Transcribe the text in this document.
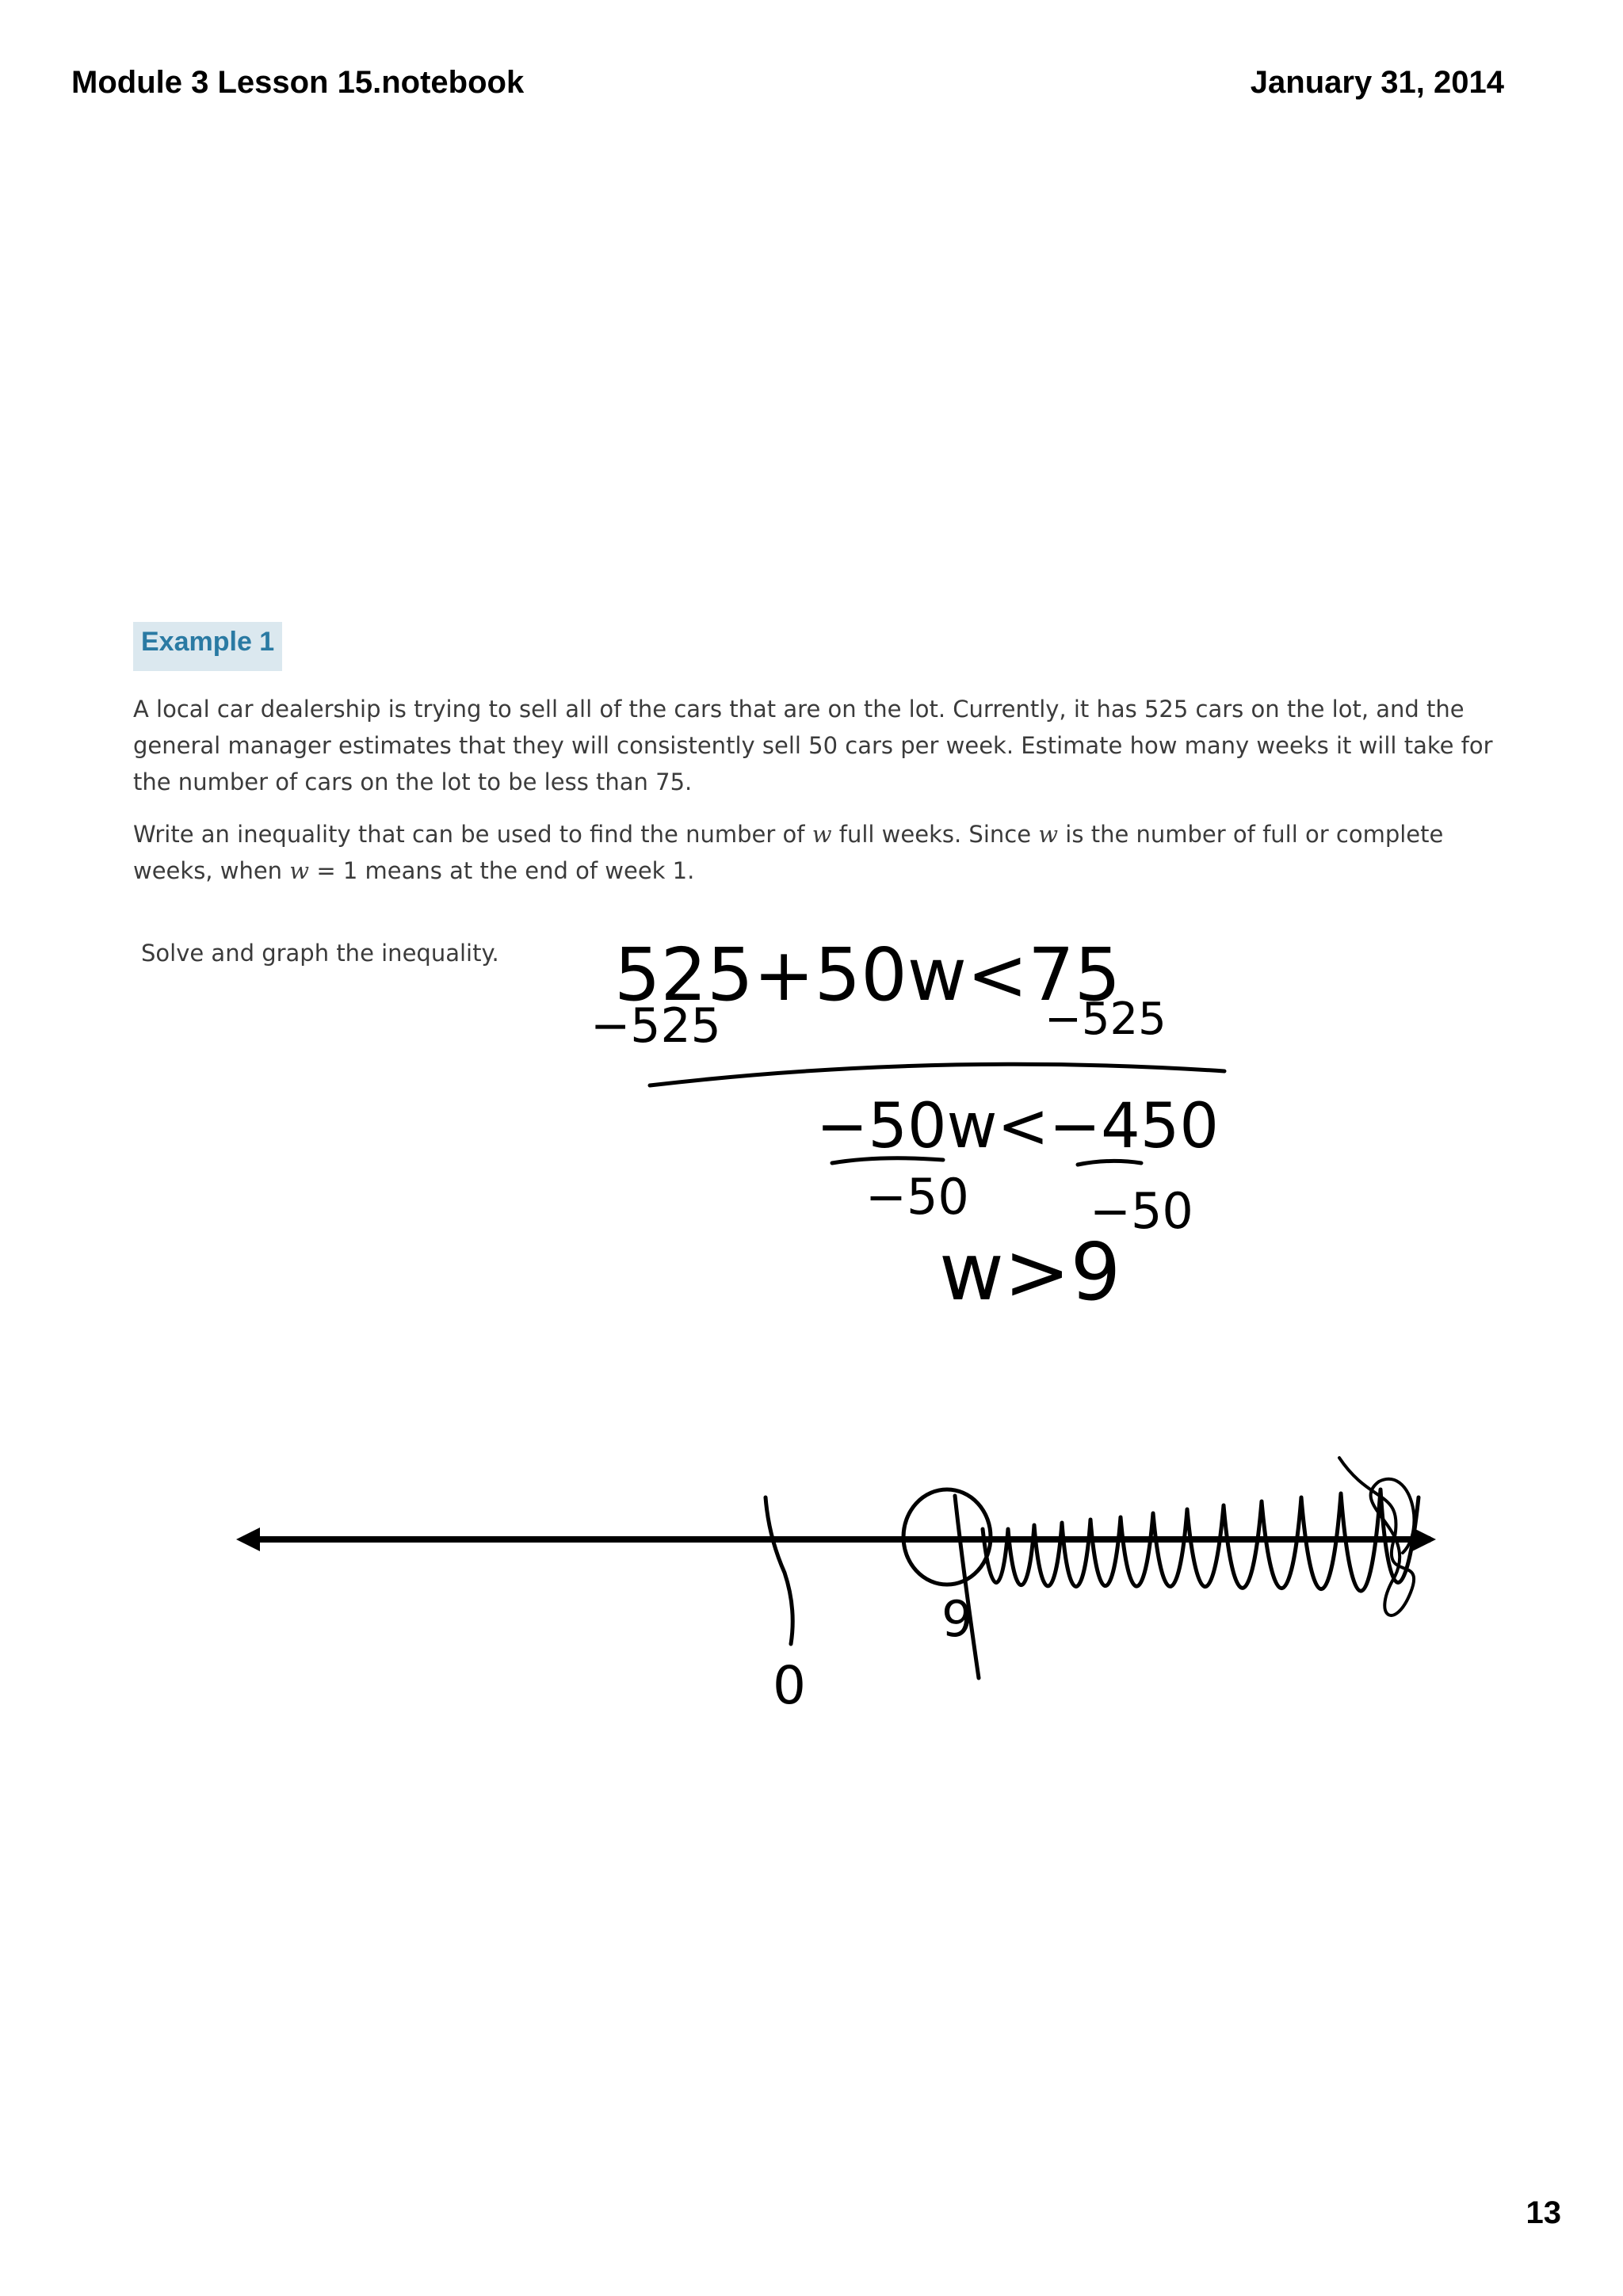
Module 3 Lesson 15.notebook	January 31, 2014
Example 1

A local car dealership is trying to sell all of the cars that are on the lot. Currently, it has 525 cars on the lot, and the general manager estimates that they will consistently sell 50 cars per week. Estimate how many weeks it will take for the number of cars on the lot to be less than 75.

Write an inequality that can be used to find the number of w full weeks. Since w is the number of full or complete weeks, when w = 1 means at the end of week 1.

Solve and graph the inequality. 525+50w<75
−525	−525
−50w<−450
−50 −50
w>9
0
9
13
